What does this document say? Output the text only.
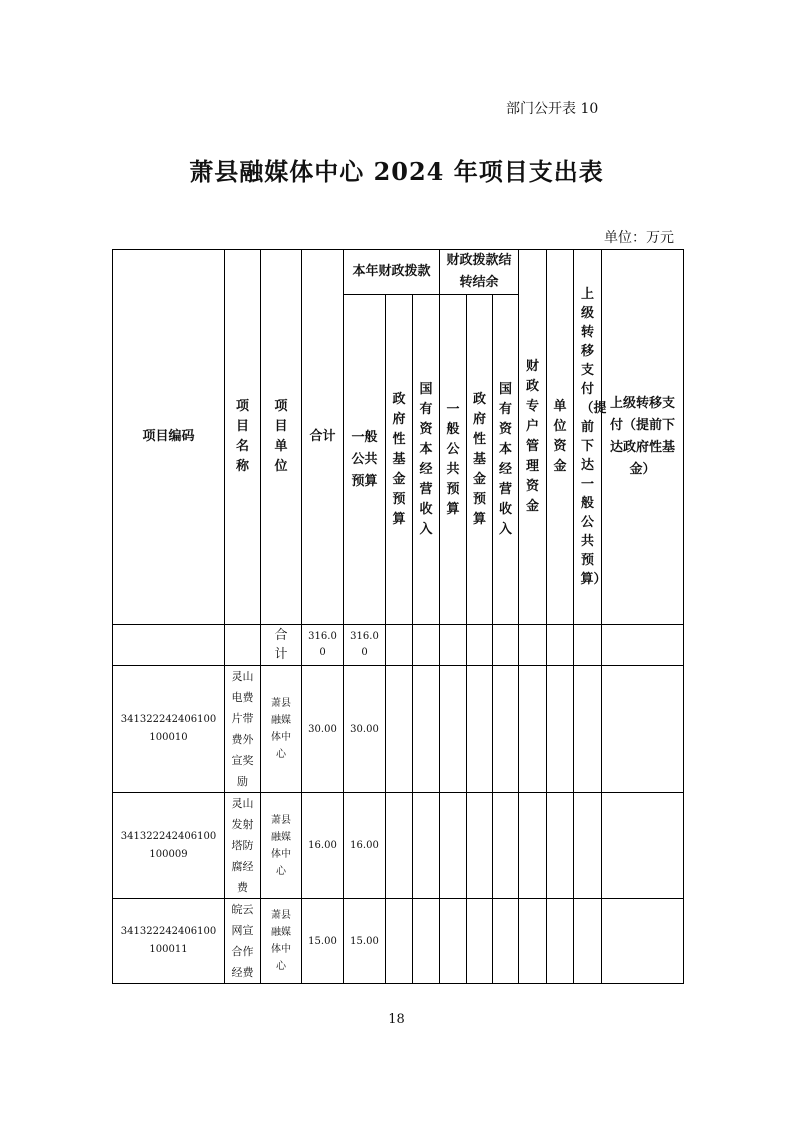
部门公开表 10
萧县融媒体中心 2024 年项目支出表
单位：万元
项目编码	项目名称	项目单位	合计	本年财政拨款			财政拨款结转结余			财政专户管理资金	单位资金	上级转移支付（提前下达一般公共预算）	上级转移支付（提前下达政府性基金）
				一般公共预算	政府性基金预算	国有资本经营收入	一般公共预算	政府性基金预算	国有资本经营收入				
		合计	316.00	316.00									
341322242406100100010	灵山电费片带费外宣奖励	萧县融媒体中心	30.00	30.00									
341322242406100100009	灵山发射塔防腐经费	萧县融媒体中心	16.00	16.00									
341322242406100100011	皖云网宣合作经费	萧县融媒体中心	15.00	15.00									
18
